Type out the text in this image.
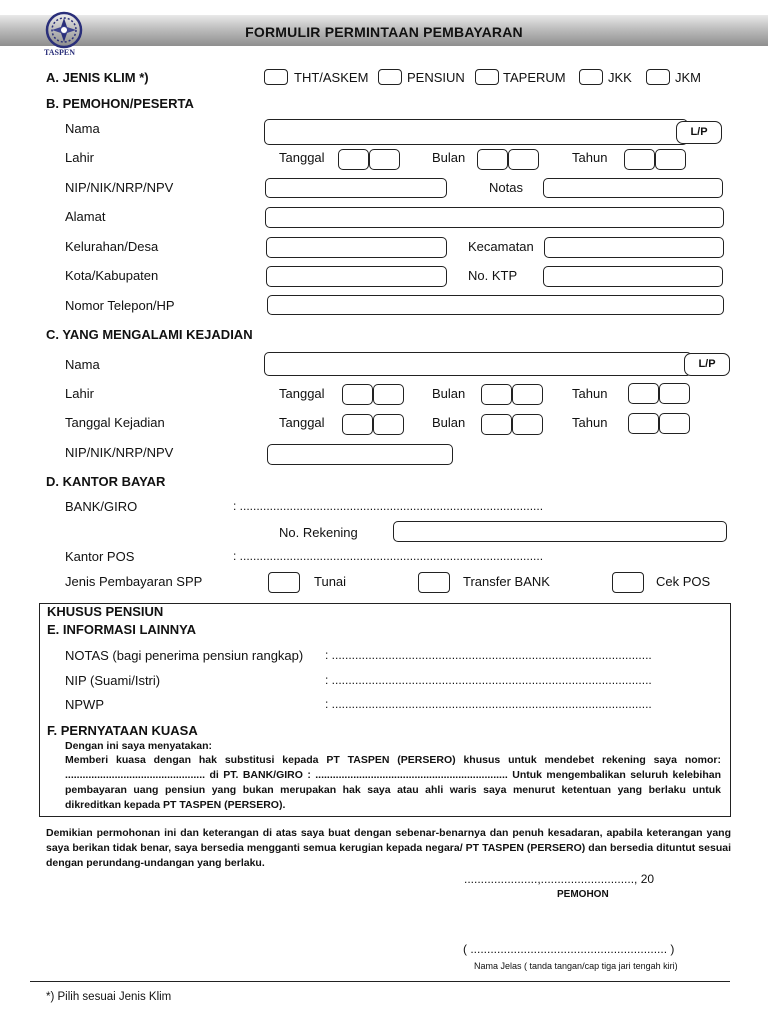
FORMULIR PERMINTAAN PEMBAYARAN
TASPEN
A. JENIS KLIM *)	THT/ASKEM	PENSIUN	TAPERUM	JKK	JKM
B. PEMOHON/PESERTA
Nama	L/P
Lahir	Tanggal	Bulan	Tahun
NIP/NIK/NRP/NPV	Notas
Alamat
Kelurahan/Desa	Kecamatan
Kota/Kabupaten	No. KTP
Nomor Telepon/HP
C. YANG MENGALAMI KEJADIAN
Nama	L/P
Lahir	Tanggal	Bulan	Tahun
Tanggal Kejadian	Tanggal	Bulan	Tahun
NIP/NIK/NRP/NPV
D. KANTOR BAYAR
BANK/GIRO	: ...........................................................................................
No. Rekening
Kantor POS	: ...........................................................................................
Jenis Pembayaran SPP	Tunai	Transfer BANK	Cek POS
KHUSUS PENSIUN
E. INFORMASI LAINNYA
NOTAS (bagi penerima pensiun rangkap) : ................................................................................................
NIP (Suami/Istri)	: ................................................................................................
NPWP	: ................................................................................................
F. PERNYATAAN KUASA
Dengan ini saya menyatakan:
Memberi kuasa dengan hak substitusi kepada PT TASPEN (PERSERO) khusus untuk mendebet rekening saya nomor: ................................................ di PT. BANK/GIRO : .................................................................. Untuk mengembalikan seluruh kelebihan pembayaran uang pensiun yang bukan merupakan hak saya atau ahli waris saya menurut ketentuan yang berlaku untuk dikreditkan kepada PT TASPEN (PERSERO).
Demikian permohonan ini dan keterangan di atas saya buat dengan sebenar-benarnya dan penuh kesadaran, apabila keterangan yang saya berikan tidak benar, saya bersedia mengganti semua kerugian kepada negara/ PT TASPEN (PERSERO) dan bersedia dituntut sesuai dengan perundang-undangan yang berlaku.
......................,............................, 20
PEMOHON
( ........................................................... )
Nama Jelas ( tanda tangan/cap tiga jari tengah kiri)
*) Pilih sesuai Jenis Klim
